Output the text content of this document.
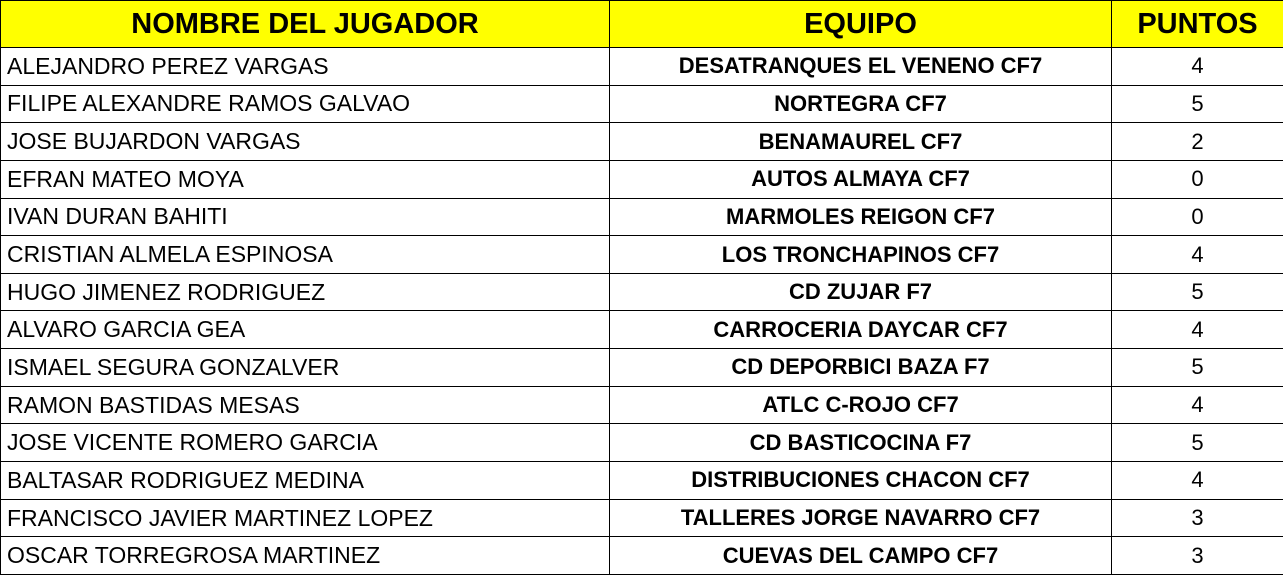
NOMBRE DEL JUGADOR	EQUIPO	PUNTOS
ALEJANDRO PEREZ VARGAS	DESATRANQUES EL VENENO CF7	4
FILIPE ALEXANDRE RAMOS GALVAO	NORTEGRA CF7	5
JOSE BUJARDON VARGAS	BENAMAUREL CF7	2
EFRAN MATEO MOYA	AUTOS ALMAYA CF7	0
IVAN DURAN BAHITI	MARMOLES REIGON CF7	0
CRISTIAN ALMELA ESPINOSA	LOS TRONCHAPINOS CF7	4
HUGO JIMENEZ RODRIGUEZ	CD ZUJAR F7	5
ALVARO GARCIA GEA	CARROCERIA DAYCAR CF7	4
ISMAEL SEGURA GONZALVER	CD DEPORBICI BAZA F7	5
RAMON BASTIDAS MESAS	ATLC C-ROJO CF7	4
JOSE VICENTE ROMERO GARCIA	CD BASTICOCINA F7	5
BALTASAR RODRIGUEZ MEDINA	DISTRIBUCIONES CHACON CF7	4
FRANCISCO JAVIER MARTINEZ LOPEZ	TALLERES JORGE NAVARRO CF7	3
OSCAR TORREGROSA MARTINEZ	CUEVAS DEL CAMPO CF7	3
